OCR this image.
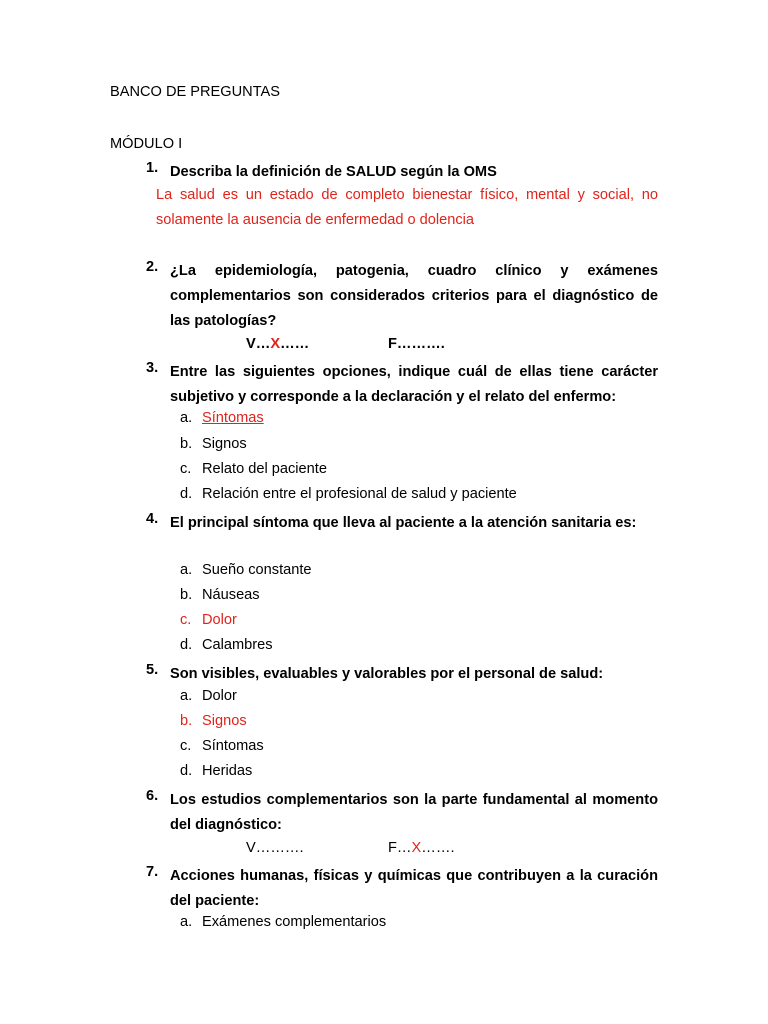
BANCO DE PREGUNTAS
MÓDULO I
1. Describa la definición de SALUD según la OMS
La salud es un estado de completo bienestar físico, mental y social, no solamente la ausencia de enfermedad o dolencia
2. ¿La epidemiología, patogenia, cuadro clínico y exámenes complementarios son considerados criterios para el diagnóstico de las patologías?
V…X……	F……….
3. Entre las siguientes opciones, indique cuál de ellas tiene carácter subjetivo y corresponde a la declaración y el relato del enfermo:
a. Síntomas
b. Signos
c. Relato del paciente
d. Relación entre el profesional de salud y paciente
4. El principal síntoma que lleva al paciente a la atención sanitaria es:
a. Sueño constante
b. Náuseas
c. Dolor
d. Calambres
5. Son visibles, evaluables y valorables por el personal de salud:
a. Dolor
b. Signos
c. Síntomas
d. Heridas
6. Los estudios complementarios son la parte fundamental al momento del diagnóstico:
V……….	F…X…….
7. Acciones humanas, físicas y químicas que contribuyen a la curación del paciente:
a. Exámenes complementarios
